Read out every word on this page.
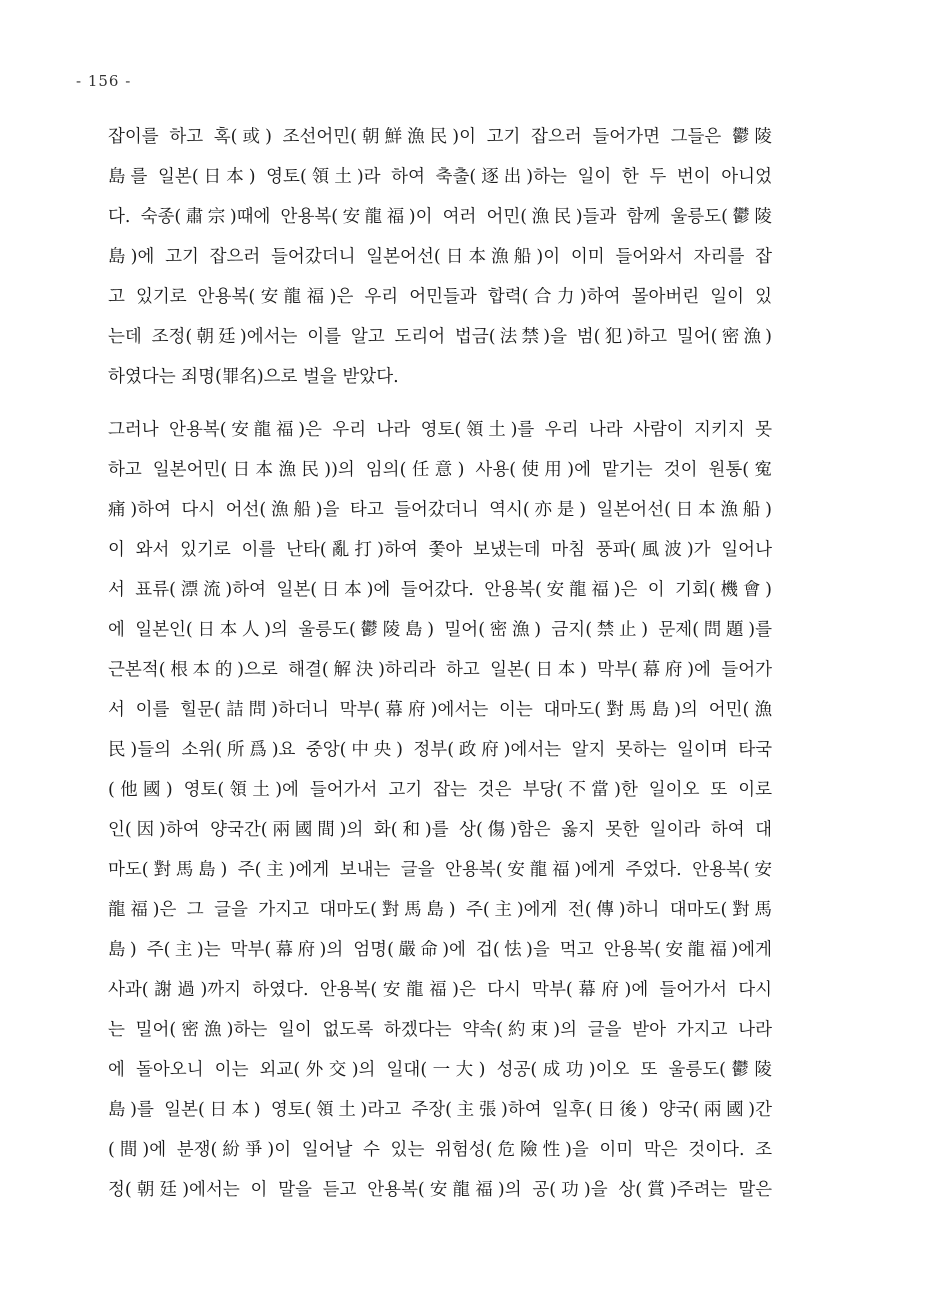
- 156 -
잡이를 하고 혹(或) 조선어민(朝鮮漁民)이 고기 잡으러 들어가면 그들은 鬱陵
島를 일본(日本) 영토(領土)라 하여 축출(逐出)하는 일이 한 두 번이 아니었
다. 숙종(肅宗)때에 안용복(安龍福)이 여러 어민(漁民)들과 함께 울릉도(鬱陵
島)에 고기 잡으러 들어갔더니 일본어선(日本漁船)이 이미 들어와서 자리를 잡
고 있기로 안용복(安龍福)은 우리 어민들과 합력(合力)하여 몰아버린 일이 있
는데 조정(朝廷)에서는 이를 알고 도리어 법금(法禁)을 범(犯)하고 밀어(密漁)
하였다는 죄명(罪名)으로 벌을 받았다.
그러나 안용복(安龍福)은 우리 나라 영토(領土)를 우리 나라 사람이 지키지 못
하고 일본어민(日本漁民))의 임의(任意) 사용(使用)에 맡기는 것이 원통(寃
痛)하여 다시 어선(漁船)을 타고 들어갔더니 역시(亦是) 일본어선(日本漁船)
이 와서 있기로 이를 난타(亂打)하여 쫓아 보냈는데 마침 풍파(風波)가 일어나
서 표류(漂流)하여 일본(日本)에 들어갔다. 안용복(安龍福)은 이 기회(機會)
에 일본인(日本人)의 울릉도(鬱陵島) 밀어(密漁) 금지(禁止) 문제(問題)를
근본적(根本的)으로 해결(解決)하리라 하고 일본(日本) 막부(幕府)에 들어가
서 이를 힐문(詰問)하더니 막부(幕府)에서는 이는 대마도(對馬島)의 어민(漁
民)들의 소위(所爲)요 중앙(中央) 정부(政府)에서는 알지 못하는 일이며 타국
(他國) 영토(領土)에 들어가서 고기 잡는 것은 부당(不當)한 일이오 또 이로
인(因)하여 양국간(兩國間)의 화(和)를 상(傷)함은 옳지 못한 일이라 하여 대
마도(對馬島) 주(主)에게 보내는 글을 안용복(安龍福)에게 주었다. 안용복(安
龍福)은 그 글을 가지고 대마도(對馬島) 주(主)에게 전(傳)하니 대마도(對馬
島) 주(主)는 막부(幕府)의 엄명(嚴命)에 겁(怯)을 먹고 안용복(安龍福)에게
사과(謝過)까지 하였다. 안용복(安龍福)은 다시 막부(幕府)에 들어가서 다시
는 밀어(密漁)하는 일이 없도록 하겠다는 약속(約束)의 글을 받아 가지고 나라
에 돌아오니 이는 외교(外交)의 일대(一大) 성공(成功)이오 또 울릉도(鬱陵
島)를 일본(日本) 영토(領土)라고 주장(主張)하여 일후(日後) 양국(兩國)간
(間)에 분쟁(紛爭)이 일어날 수 있는 위험성(危險性)을 이미 막은 것이다. 조
정(朝廷)에서는 이 말을 듣고 안용복(安龍福)의 공(功)을 상(賞)주려는 말은
